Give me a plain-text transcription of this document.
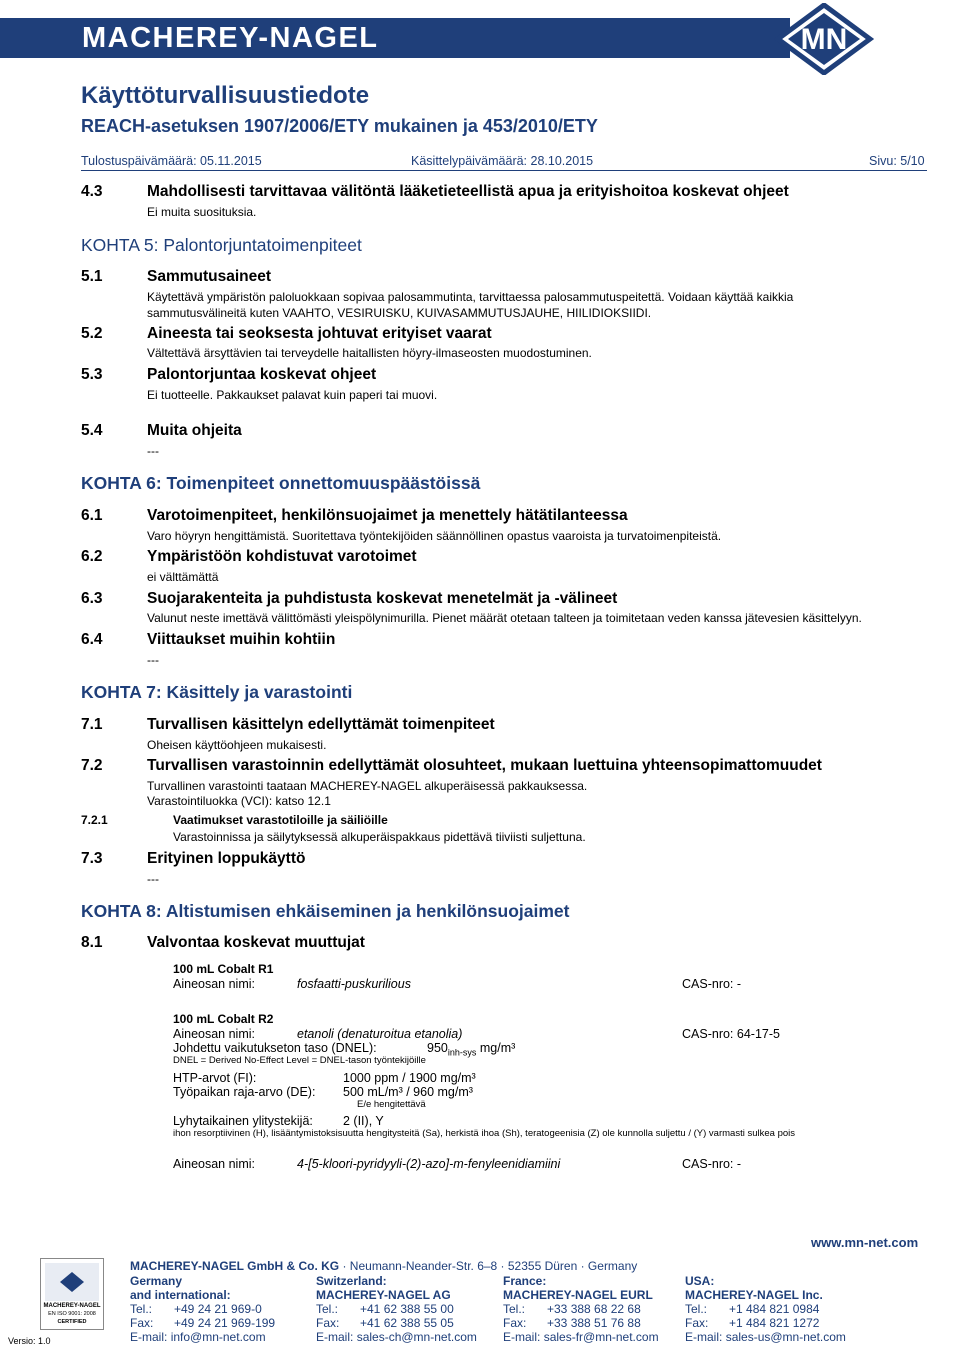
MACHEREY-NAGEL	MN
Käyttöturvallisuustiedote
REACH-asetuksen 1907/2006/ETY mukainen ja 453/2010/ETY
Tulostuspäivämäärä: 05.11.2015	Käsittelypäivämäärä: 28.10.2015	Sivu: 5/10
4.3	Mahdollisesti tarvittavaa välitöntä lääketieteellistä apua ja erityishoitoa koskevat ohjeet
Ei muita suosituksia.
KOHTA 5: Palontorjuntatoimenpiteet
5.1	Sammutusaineet
Käytettävä ympäristön paloluokkaan sopivaa palosammutinta, tarvittaessa palosammutuspeitettä. Voidaan käyttää kaikkia
sammutusvälineitä kuten VAAHTO, VESIRUISKU, KUIVASAMMUTUSJAUHE, HIILIDIOKSIIDI.
5.2	Aineesta tai seoksesta johtuvat erityiset vaarat
Vältettävä ärsyttävien tai terveydelle haitallisten höyry-ilmaseosten muodostuminen.
5.3	Palontorjuntaa koskevat ohjeet
Ei tuotteelle. Pakkaukset palavat kuin paperi tai muovi.
5.4	Muita ohjeita
---
KOHTA 6: Toimenpiteet onnettomuuspäästöissä
6.1	Varotoimenpiteet, henkilönsuojaimet ja menettely hätätilanteessa
Varo höyryn hengittämistä. Suoritettava työntekijöiden säännöllinen opastus vaaroista ja turvatoimenpiteistä.
6.2	Ympäristöön kohdistuvat varotoimet
ei välttämättä
6.3	Suojarakenteita ja puhdistusta koskevat menetelmät ja -välineet
Valunut neste imettävä välittömästi yleispölynimurilla. Pienet määrät otetaan talteen ja toimitetaan veden kanssa jätevesien käsittelyyn.
6.4	Viittaukset muihin kohtiin
---
KOHTA 7: Käsittely ja varastointi
7.1	Turvallisen käsittelyn edellyttämät toimenpiteet
Oheisen käyttöohjeen mukaisesti.
7.2	Turvallisen varastoinnin edellyttämät olosuhteet, mukaan luettuina yhteensopimattomuudet
Turvallinen varastointi taataan MACHEREY-NAGEL alkuperäisessä pakkauksessa.
Varastointiluokka (VCI): katso 12.1
7.2.1	Vaatimukset varastotiloille ja säiliöille
Varastoinnissa ja säilytyksessä alkuperäispakkaus pidettävä tiiviisti suljettuna.
7.3	Erityinen loppukäyttö
---
KOHTA 8: Altistumisen ehkäiseminen ja henkilönsuojaimet
8.1	Valvontaa koskevat muuttujat
100 mL Cobalt R1
Aineosan nimi:	fosfaatti-puskurilious	CAS-nro: -
100 mL Cobalt R2
Aineosan nimi:	etanoli (denaturoitua etanolia)	CAS-nro: 64-17-5
Johdettu vaikutukseton taso (DNEL):	$950_{inh-sys}$ mg/m³
DNEL = Derived No-Effect Level = DNEL-tason työntekijöille
HTP-arvot (FI):	1000 ppm / 1900 mg/m³
Työpaikan raja-arvo (DE): 500 mL/m³ / 960 mg/m³
E/e hengitettävä
Lyhytaikainen ylitystekijä: 2 (II), Y
ihon resorptiivinen (H), lisääntymistoksisuutta hengitysteitä (Sa), herkistä ihoa (Sh), teratogeenisia (Z) ole kunnolla suljettu / (Y) varmasti sulkea pois
Aineosan nimi:	4-[5-kloori-pyridyyli-(2)-azo]-m-fenyleenidiamiini	CAS-nro: -
www.mn-net.com
MACHEREY-NAGEL GmbH & Co. KG · Neumann-Neander-Str. 6–8 · 52355 Düren · Germany
MACHEREY-NAGEL
EN ISO 9001: 2008
CERTIFIED
Versio: 1.0
Germany
and international:
Tel.: +49 24 21 969-0
Fax: +49 24 21 969-199
E-mail: info@mn-net.com
Switzerland:
MACHEREY-NAGEL AG
Tel.: +41 62 388 55 00
Fax: +41 62 388 55 05
E-mail: sales-ch@mn-net.com
France:
MACHEREY-NAGEL EURL
Tel.: +33 388 68 22 68
Fax: +33 388 51 76 88
E-mail: sales-fr@mn-net.com
USA:
MACHEREY-NAGEL Inc.
Tel.: +1 484 821 0984
Fax: +1 484 821 1272
E-mail: sales-us@mn-net.com
